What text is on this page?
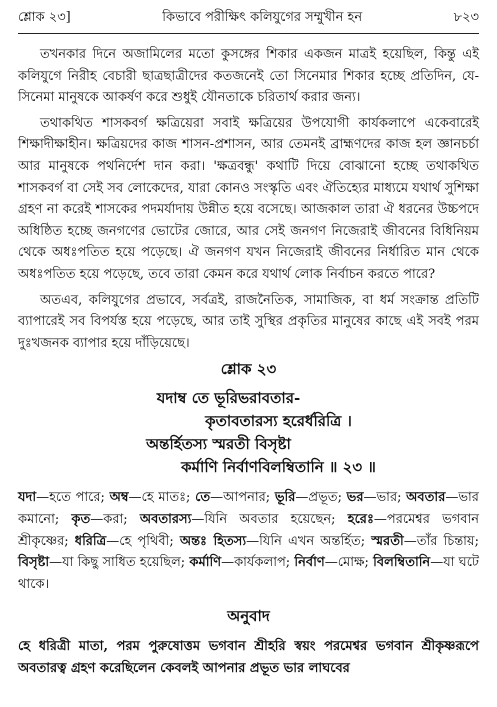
শ্লোক ২৩]	কিভাবে পরীক্ষিৎ কলিযুগের সম্মুখীন হন	৮২৩

তখনকার দিনে অজামিলের মতো কুসঙ্গের শিকার একজন মাত্রই হয়েছিল, কিন্তু এই কলিযুগে নিরীহ বেচারী ছাত্রছাত্রীদের কতজনেই তো সিনেমার শিকার হচ্ছে প্রতিদিন, যে-সিনেমা মানুষকে আকর্ষণ করে শুধুই যৌনতাকে চরিতার্থ করার জন্য।

তথাকথিত শাসকবর্গ ক্ষত্রিয়েরা সবাই ক্ষত্রিয়ের উপযোগী কার্যকলাপে একেবারেই শিক্ষাদীক্ষাহীন। ক্ষত্রিয়দের কাজ শাসন-প্রশাসন, আর তেমনই ব্রাহ্মণদের কাজ হল জ্ঞানচর্চা আর মানুষকে পথনির্দেশ দান করা। 'ক্ষত্রবন্ধু' কথাটি দিয়ে বোঝানো হচ্ছে তথাকথিত শাসকবর্গ বা সেই সব লোকেদের, যারা কোনও সংস্কৃতি এবং ঐতিহ্যের মাধ্যমে যথার্থ সুশিক্ষা গ্রহণ না করেই শাসকের পদমর্যাদায় উন্নীত হয়ে বসেছে। আজকাল তারা ঐ ধরনের উচ্চপদে অধিষ্ঠিত হচ্ছে জনগণের ভোটের জোরে, আর সেই জনগণ নিজেরাই জীবনের বিধিনিয়ম থেকে অধঃপতিত হয়ে পড়েছে। ঐ জনগণ যখন নিজেরাই জীবনের নির্ধারিত মান থেকে অধঃপতিত হয়ে পড়েছে, তবে তারা কেমন করে যথার্থ লোক নির্বাচন করতে পারে?

অতএব, কলিযুগের প্রভাবে, সর্বত্রই, রাজনৈতিক, সামাজিক, বা ধর্ম সংক্রান্ত প্রতিটি ব্যাপারেই সব বিপর্যস্ত হয়ে পড়েছে, আর তাই সুস্থির প্রকৃতির মানুষের কাছে এই সবই পরম দুঃখজনক ব্যাপার হয়ে দাঁড়িয়েছে।

শ্লোক ২৩
যদাম্ব তে ভূরিভরাবতার-
কৃতাবতারস্য হরের্ধরিত্রি ।
অন্তর্হিতস্য স্মরতী বিসৃষ্টা
কর্মাণি নির্বাণবিলম্বিতানি ॥ ২৩ ॥

যদা—হতে পারে; অম্ব—হে মাতঃ; তে—আপনার; ভূরি—প্রভূত; ভর—ভার; অবতার—ভার কমানো; কৃত—করা; অবতারস্য—যিনি অবতার হয়েছেন; হরেঃ—পরমেশ্বর ভগবান শ্রীকৃষ্ণের; ধরিত্রি—হে পৃথিবী; অন্তঃ হিতস্য—যিনি এখন অন্তর্হিত; স্মরতী—তাঁর চিন্তায়; বিসৃষ্টা—যা কিছু সাধিত হয়েছিল; কর্মাণি—কার্যকলাপ; নির্বাণ—মোক্ষ; বিলম্বিতানি—যা ঘটে থাকে।

অনুবাদ

হে ধরিত্রী মাতা, পরম পুরুষোত্তম ভগবান শ্রীহরি স্বয়ং পরমেশ্বর ভগবান শ্রীকৃষ্ণরূপে অবতারত্ব গ্রহণ করেছিলেন কেবলই আপনার প্রভূত ভার লাঘবের
